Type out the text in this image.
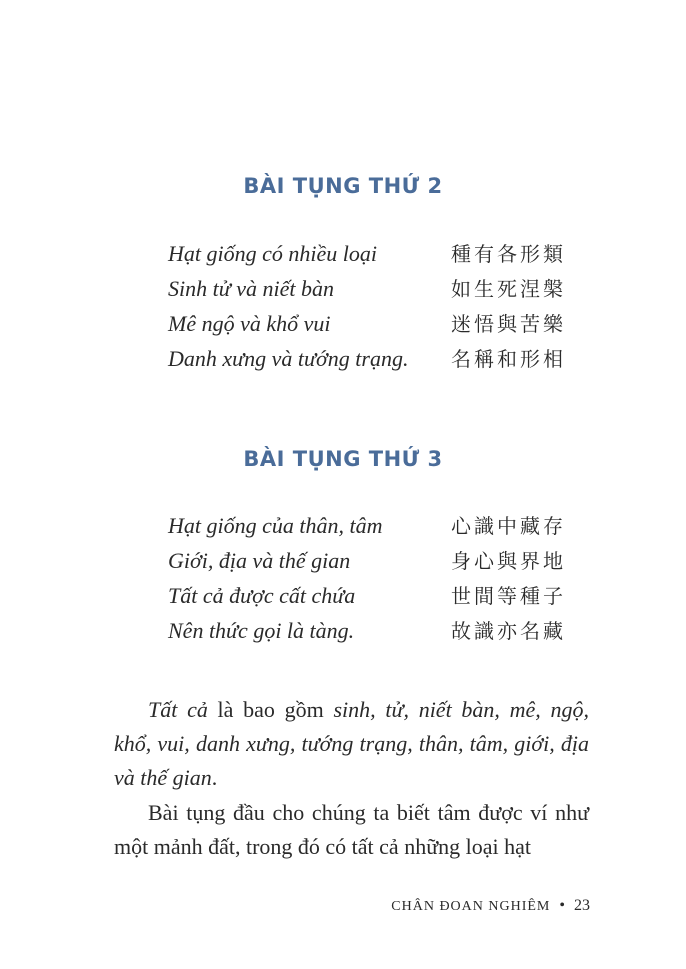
BÀI TỤNG THỨ 2
Hạt giống có nhiều loại	種有各形類
Sinh tử và niết bàn	如生死涅槃
Mê ngộ và khổ vui	迷悟與苦樂
Danh xưng và tướng trạng. 名稱和形相
BÀI TỤNG THỨ 3
Hạt giống của thân, tâm	心識中藏存
Giới, địa và thế gian	身心與界地
Tất cả được cất chứa	世間等種子
Nên thức gọi là tàng.	故識亦名藏
Tất cả là bao gồm sinh, tử, niết bàn, mê, ngộ, khổ, vui, danh xưng, tướng trạng, thân, tâm, giới, địa và thế gian.
Bài tụng đầu cho chúng ta biết tâm được ví như một mảnh đất, trong đó có tất cả những loại hạt
CHÂN ĐOAN NGHIÊM • 23
